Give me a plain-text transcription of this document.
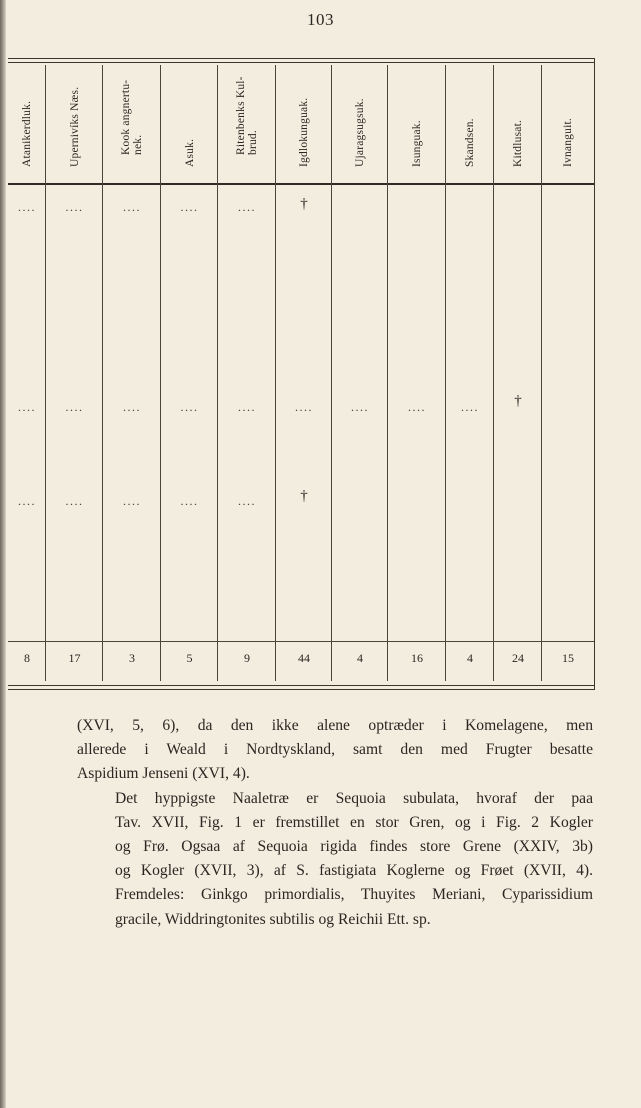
103
Atanikerdluk.
....
....
....
8
Upernivíks Næs.
....
....
....
17
Kook angnertu- nek.
....
....
....
3
Asuk.
....
....
....
5
Ritenbenks Kul- brud.
....
....
....
9
Igdlokunguak.
†
....
†
44
Ujaragsugsuk.
....
4
Isunguak.
....
16
Skandsen.
....
4
Kitdlusat.
†
24
Ivnanguit.
15
(XVI, 5, 6), da den ikke alene optræder i Komelagene, men
allerede i Weald i Nordtyskland, samt den med Frugter besatte
Aspidium Jenseni (XVI, 4).
Det hyppigste Naaletræ er Sequoia subulata, hvoraf der paa
Tav. XVII, Fig. 1 er fremstillet en stor Gren, og i Fig. 2 Kogler
og Frø. Ogsaa af Sequoia rigida findes store Grene (XXIV, 3b)
og Kogler (XVII, 3), af S. fastigiata Koglerne og Frøet (XVII, 4).
Fremdeles: Ginkgo primordialis, Thuyites Meriani, Cyparissidium
gracile, Widdringtonites subtilis og Reichii Ett. sp.
